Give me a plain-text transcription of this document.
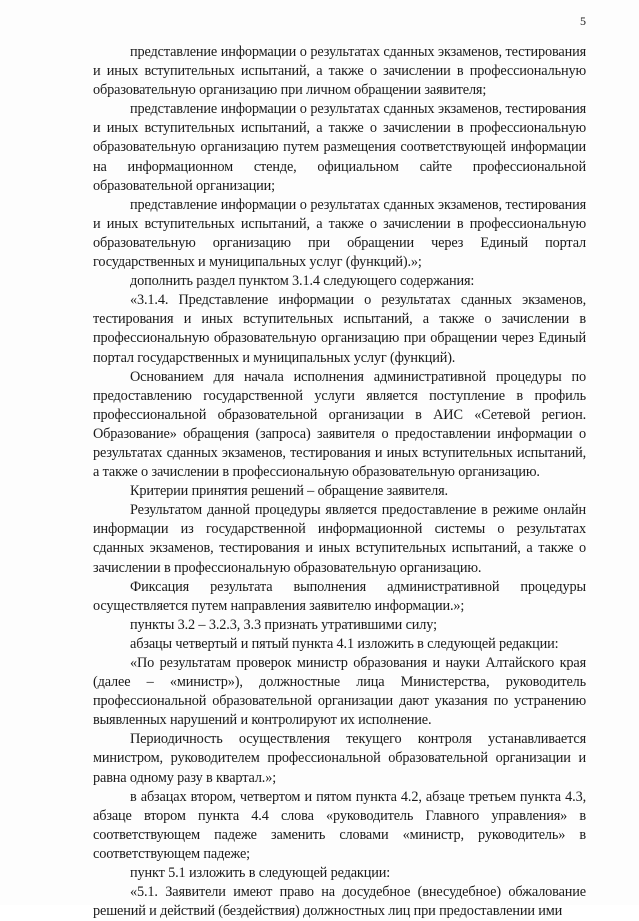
5

представление информации о результатах сданных экзаменов, тестирования и иных вступительных испытаний, а также о зачислении в профессиональную образовательную организацию при личном обращении заявителя;

представление информации о результатах сданных экзаменов, тестирования и иных вступительных испытаний, а также о зачислении в профессиональную образовательную организацию путем размещения соответствующей информации на информационном стенде, официальном сайте профессиональной образовательной организации;

представление информации о результатах сданных экзаменов, тестирования и иных вступительных испытаний, а также о зачислении в профессиональную образовательную организацию при обращении через Единый портал государственных и муниципальных услуг (функций).»;

дополнить раздел пунктом 3.1.4 следующего содержания:

«3.1.4. Представление информации о результатах сданных экзаменов, тестирования и иных вступительных испытаний, а также о зачислении в профессиональную образовательную организацию при обращении через Единый портал государственных и муниципальных услуг (функций).

Основанием для начала исполнения административной процедуры по предоставлению государственной услуги является поступление в профиль профессиональной образовательной организации в АИС «Сетевой регион. Образование» обращения (запроса) заявителя о предоставлении информации о результатах сданных экзаменов, тестирования и иных вступительных испытаний, а также о зачислении в профессиональную образовательную организацию.

Критерии принятия решений – обращение заявителя.

Результатом данной процедуры является предоставление в режиме онлайн информации из государственной информационной системы о результатах сданных экзаменов, тестирования и иных вступительных испытаний, а также о зачислении в профессиональную образовательную организацию.

Фиксация результата выполнения административной процедуры осуществляется путем направления заявителю информации.»;

пункты 3.2 – 3.2.3, 3.3 признать утратившими силу;

абзацы четвертый и пятый пункта 4.1 изложить в следующей редакции:

«По результатам проверок министр образования и науки Алтайского края (далее – «министр»), должностные лица Министерства, руководитель профессиональной образовательной организации дают указания по устранению выявленных нарушений и контролируют их исполнение.

Периодичность осуществления текущего контроля устанавливается министром, руководителем профессиональной образовательной организации и равна одному разу в квартал.»;

в абзацах втором, четвертом и пятом пункта 4.2, абзаце третьем пункта 4.3, абзаце втором пункта 4.4 слова «руководитель Главного управления» в соответствующем падеже заменить словами «министр, руководитель» в соответствующем падеже;

пункт 5.1 изложить в следующей редакции:

«5.1. Заявители имеют право на досудебное (внесудебное) обжалование решений и действий (бездействия) должностных лиц при предоставлении ими
